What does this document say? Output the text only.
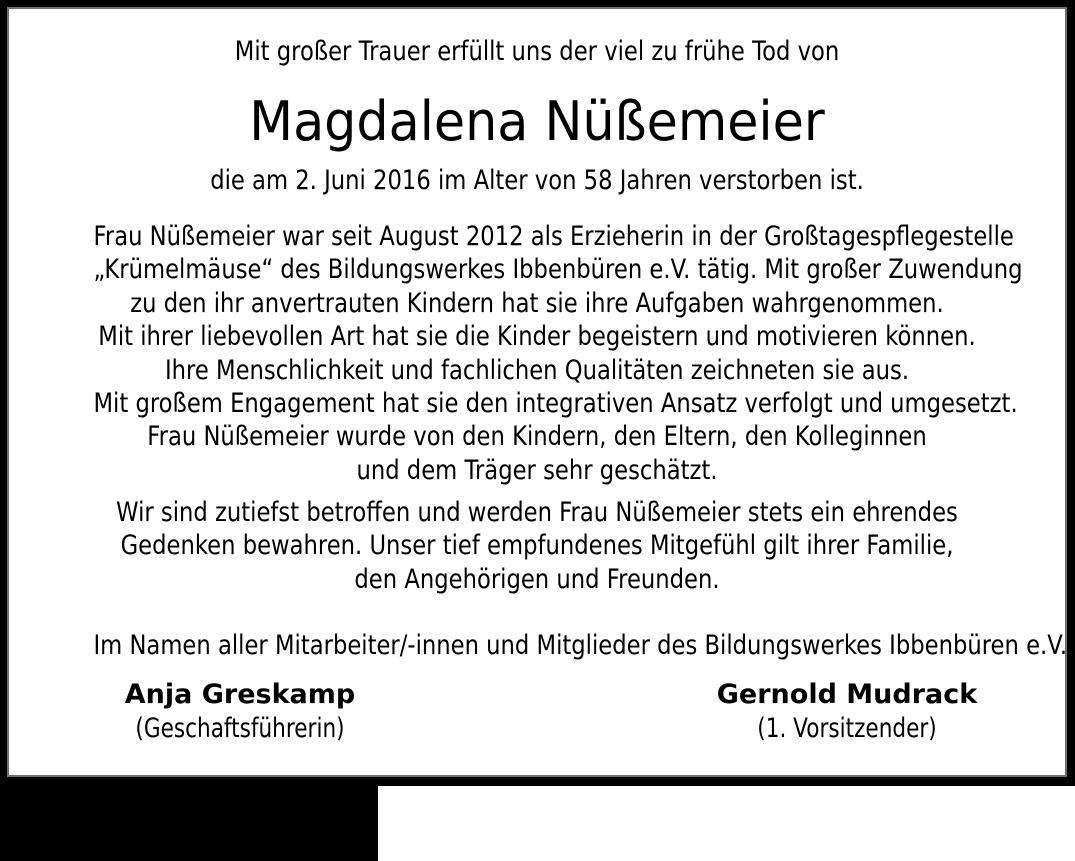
Mit großer Trauer erfüllt uns der viel zu frühe Tod von
Magdalena Nüßemeier
die am 2. Juni 2016 im Alter von 58 Jahren verstorben ist.
Frau Nüßemeier war seit August 2012 als Erzieherin in der Großtagespflegestelle
„Krümelmäuse“ des Bildungswerkes Ibbenbüren e.V. tätig. Mit großer Zuwendung
zu den ihr anvertrauten Kindern hat sie ihre Aufgaben wahrgenommen.
Mit ihrer liebevollen Art hat sie die Kinder begeistern und motivieren können.
Ihre Menschlichkeit und fachlichen Qualitäten zeichneten sie aus.
Mit großem Engagement hat sie den integrativen Ansatz verfolgt und umgesetzt.
Frau Nüßemeier wurde von den Kindern, den Eltern, den Kolleginnen
und dem Träger sehr geschätzt.
Wir sind zutiefst betroffen und werden Frau Nüßemeier stets ein ehrendes
Gedenken bewahren. Unser tief empfundenes Mitgefühl gilt ihrer Familie,
den Angehörigen und Freunden.
Im Namen aller Mitarbeiter/-innen und Mitglieder des Bildungswerkes Ibbenbüren e.V.
Anja Greskamp
(Geschaftsführerin)
Gernold Mudrack
(1. Vorsitzender)
